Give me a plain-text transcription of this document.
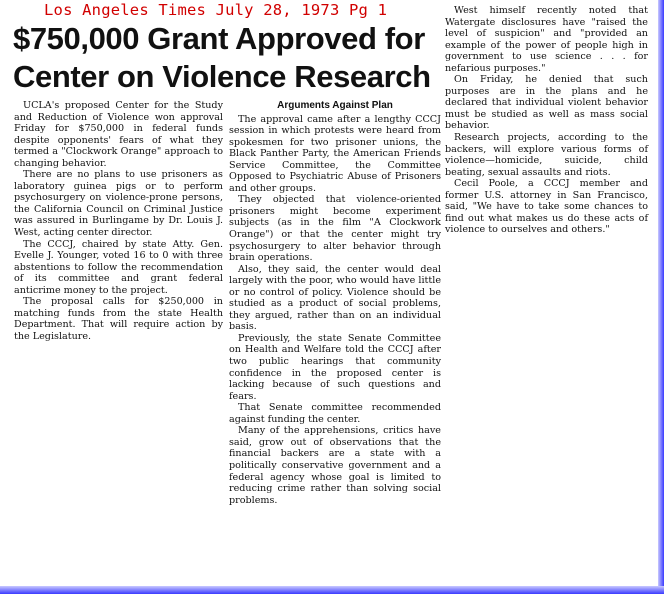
Los Angeles Times July 28, 1973 Pg 1
$750,000 Grant Approved for
Center on Violence Research

UCLA's proposed Center for the Study and Reduction of Violence won approval Friday for $750,000 in federal funds despite opponents' fears of what they termed a "Clockwork Orange" approach to changing behavior.

There are no plans to use prisoners as laboratory guinea pigs or to perform psychosurgery on violence-prone persons, the California Council on Criminal Justice was assured in Burlingame by Dr. Louis J. West, acting center director.

The CCCJ, chaired by state Atty. Gen. Evelle J. Younger, voted 16 to 0 with three abstentions to follow the recommendation of its committee and grant federal anticrime money to the project.

The proposal calls for $250,000 in matching funds from the state Health Department. That will require action by the Legislature.

Arguments Against Plan

The approval came after a lengthy CCCJ session in which protests were heard from spokesmen for two prisoner unions, the Black Panther Party, the American Friends Service Committee, the Committee Opposed to Psychiatric Abuse of Prisoners and other groups.

They objected that violence-oriented prisoners might become experiment subjects (as in the film "A Clockwork Orange") or that the center might try psychosurgery to alter behavior through brain operations.

Also, they said, the center would deal largely with the poor, who would have little or no control of policy. Violence should be studied as a product of social problems, they argued, rather than on an individual basis.

Previously, the state Senate Committee on Health and Welfare told the CCCJ after two public hearings that community confidence in the proposed center is lacking because of such questions and fears.

That Senate committee recommended against funding the center.

Many of the apprehensions, critics have said, grow out of observations that the financial backers are a state with a politically conservative government and a federal agency whose goal is limited to reducing crime rather than solving social problems.

West himself recently noted that Watergate disclosures have "raised the level of suspicion" and "provided an example of the power of people high in government to use science . . . for nefarious purposes."

On Friday, he denied that such purposes are in the plans and he declared that individual violent behavior must be studied as well as mass social behavior.

Research projects, according to the backers, will explore various forms of violence—homicide, suicide, child beating, sexual assaults and riots.

Cecil Poole, a CCCJ member and former U.S. attorney in San Francisco, said, "We have to take some chances to find out what makes us do these acts of violence to ourselves and others."
